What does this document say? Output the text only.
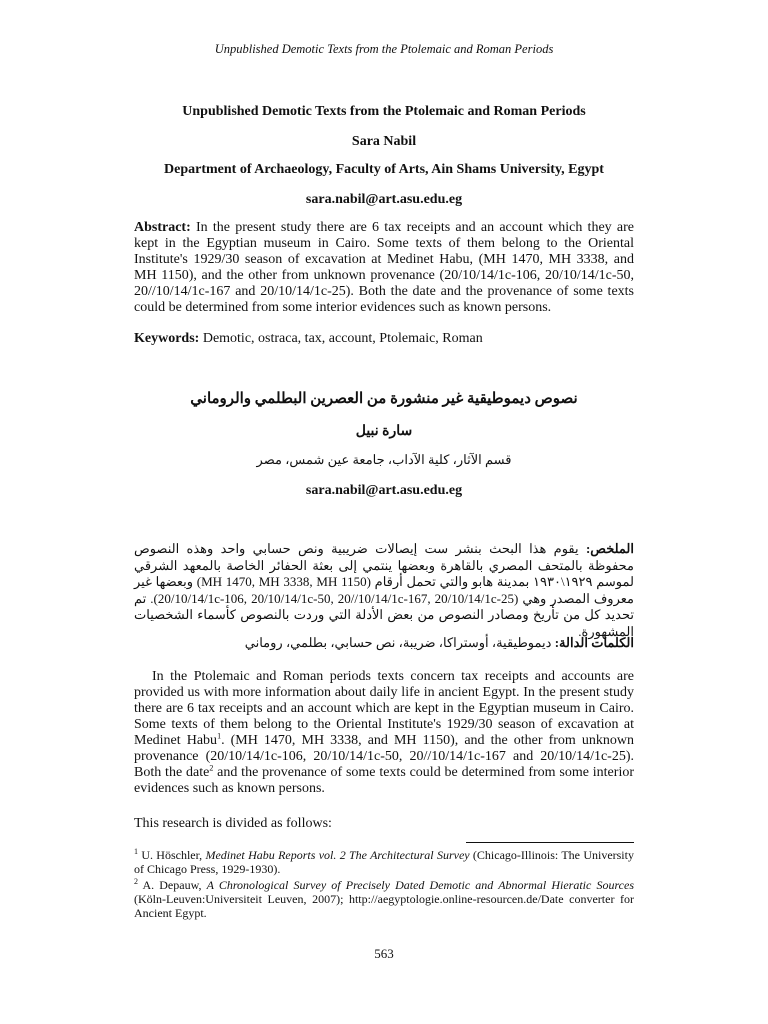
Unpublished Demotic Texts from the Ptolemaic and Roman Periods
Unpublished Demotic Texts from the Ptolemaic and Roman Periods
Sara Nabil
Department of Archaeology, Faculty of Arts, Ain Shams University, Egypt
sara.nabil@art.asu.edu.eg
Abstract: In the present study there are 6 tax receipts and an account which they are kept in the Egyptian museum in Cairo. Some texts of them belong to the Oriental Institute's 1929/30 season of excavation at Medinet Habu, (MH 1470, MH 3338, and MH 1150), and the other from unknown provenance (20/10/14/1c-106, 20/10/14/1c-50, 20//10/14/1c-167 and 20/10/14/1c-25). Both the date and the provenance of some texts could be determined from some interior evidences such as known persons.
Keywords: Demotic, ostraca, tax, account, Ptolemaic, Roman
نصوص ديموطيقية غير منشورة من العصرين البطلمي والروماني
سارة نبيل
قسم الآثار، كلية الآداب، جامعة عين شمس، مصر
sara.nabil@art.asu.edu.eg
الملخص: يقوم هذا البحث بنشر ست إيصالات ضريبية ونص حسابي واحد وهذه النصوص محفوظة بالمتحف المصري بالقاهرة وبعضها ينتمي إلى بعثة الحفائر الخاصة بالمعهد الشرقي لموسم ١٩٢٩\١٩٣٠ بمدينة هابو والتي تحمل أرقام (MH 1470, MH 3338, MH 1150) وبعضها غير معروف المصدر وهي (20/10/14/1c-106, 20/10/14/1c-50, 20//10/14/1c-167, 20/10/14/1c-25). تم تحديد كل من تأريخ ومصادر النصوص من بعض الأدلة التي وردت بالنصوص كأسماء الشخصيات المشهورة.
الكلمات الدالة: ديموطيقية، أوستراكا، ضريبة، نص حسابي، بطلمي، روماني
In the Ptolemaic and Roman periods texts concern tax receipts and accounts are provided us with more information about daily life in ancient Egypt. In the present study there are 6 tax receipts and an account which are kept in the Egyptian museum in Cairo. Some texts of them belong to the Oriental Institute's 1929/30 season of excavation at Medinet Habu$^1$. (MH 1470, MH 3338, and MH 1150), and the other from unknown provenance (20/10/14/1c-106, 20/10/14/1c-50, 20//10/14/1c-167 and 20/10/14/1c-25). Both the date$^2$ and the provenance of some texts could be determined from some interior evidences such as known persons.
This research is divided as follows:
$^1$ U. Höschler, Medinet Habu Reports vol. 2 The Architectural Survey (Chicago-Illinois: The University of Chicago Press, 1929-1930).
$^2$ A. Depauw, A Chronological Survey of Precisely Dated Demotic and Abnormal Hieratic Sources (Köln-Leuven:Universiteit Leuven, 2007); http://aegyptologie.online-resourcen.de/Date converter for Ancient Egypt.
563
